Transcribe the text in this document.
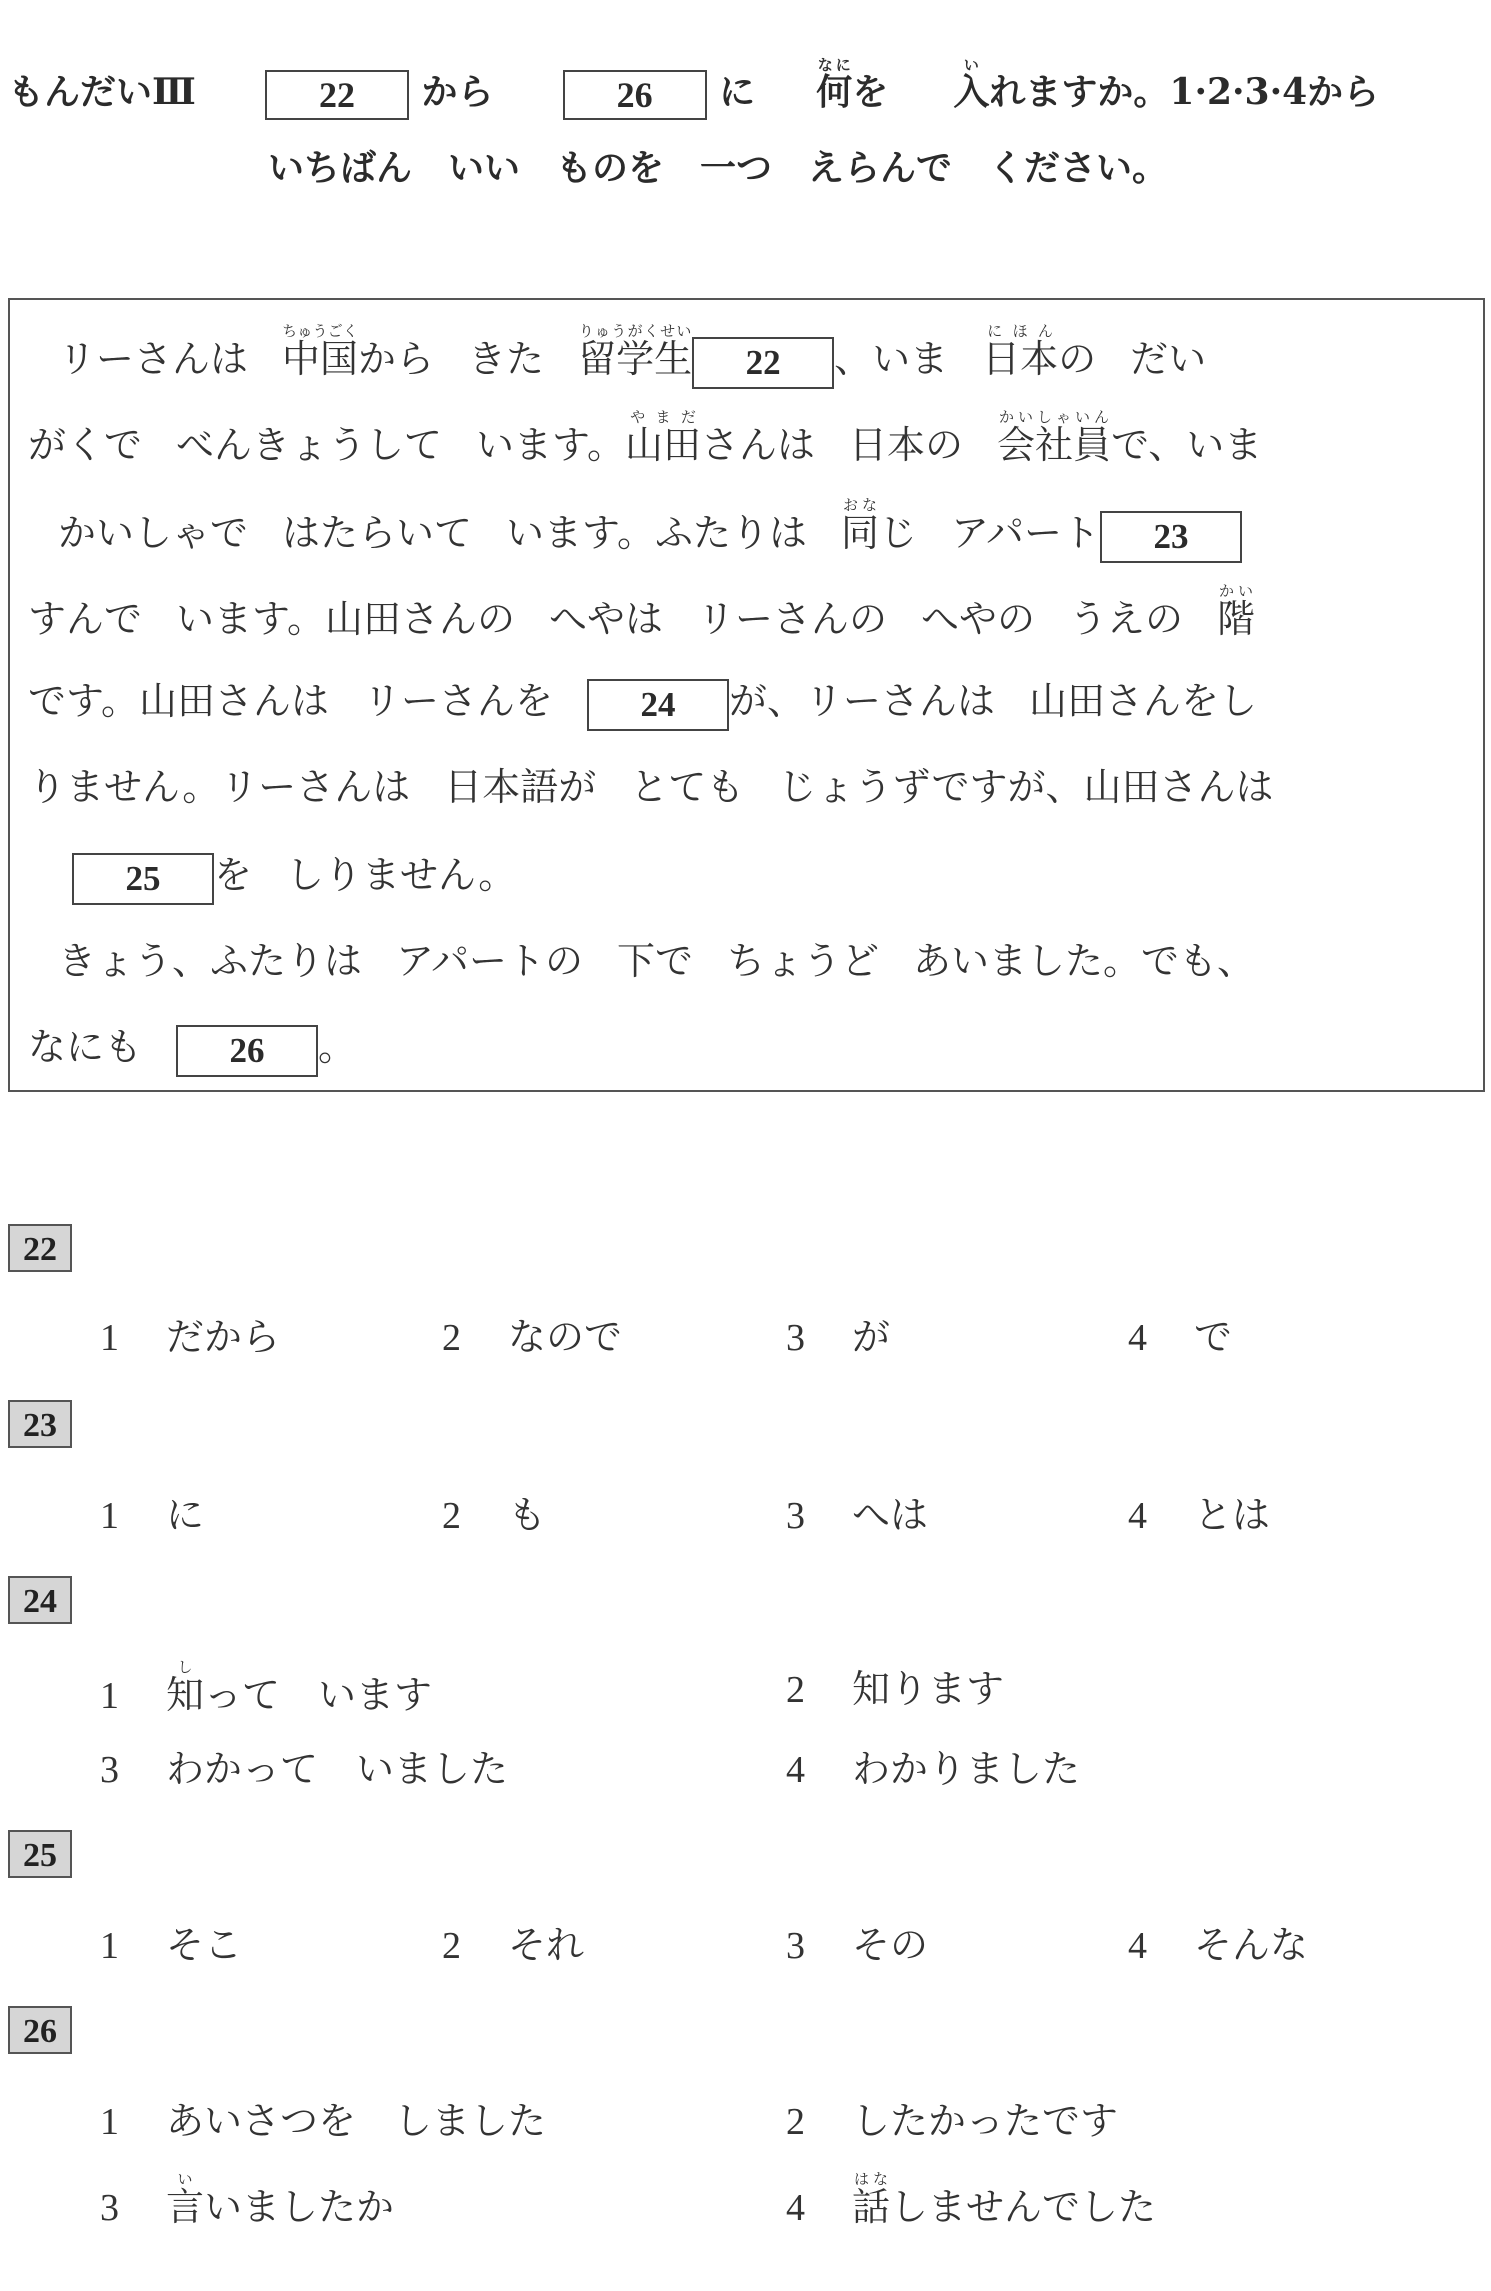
もんだいⅢ	22 から	26 に 何なにを 入いれますか。1·2·3·4から
いちばん　いい　ものを　一つ　えらんで　ください。
リーさんは 中国ちゅうごくから きた 留学生りゅうがくせい22 、いま 日本にほんの だい
がくで べんきょうして います。山田やまださんは 日本の 会社員かいしゃいんで、いま
かいしゃで はたらいて います。ふたりは 同おなじ アパート 23
すんで います。山田さんの へやは リーさんの へやの うえの 階かい
です。山田さんは リーさんを	24 が、リーさんは 山田さんをし
りません。リーさんは 日本語が とても じょうずですが、山田さんは
25 を しりません。
きょう、ふたりは アパートの 下で ちょうど あいました。でも、
なにも	26 。
22
1 だから	2 なので	3 が	4 で
23
1 に	2 も	3 へは	4 とは
24
1 知しって　います	2 知ります
3 わかって　いました	4 わかりました
25
1 そこ	2 それ	3 その	4 そんな
26
1 あいさつを　しました	2 したかったです
3 言いいましたか	4 話はなしませんでした
